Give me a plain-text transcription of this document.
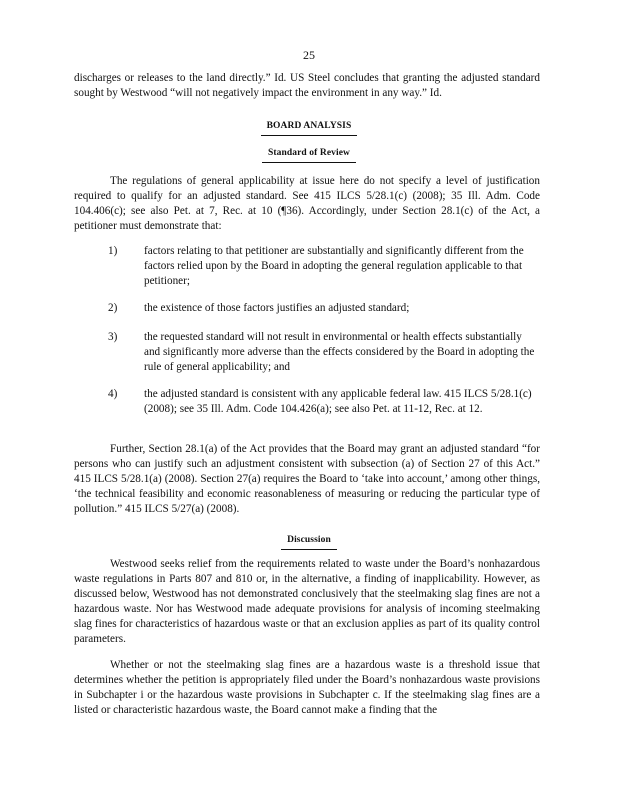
25
discharges or releases to the land directly.” Id. US Steel concludes that granting the adjusted standard sought by Westwood “will not negatively impact the environment in any way.” Id.
BOARD ANALYSIS
Standard of Review
The regulations of general applicability at issue here do not specify a level of justification required to qualify for an adjusted standard. See 415 ILCS 5/28.1(c) (2008); 35 Ill. Adm. Code 104.406(c); see also Pet. at 7, Rec. at 10 (¶36). Accordingly, under Section 28.1(c) of the Act, a petitioner must demonstrate that:
1)	factors relating to that petitioner are substantially and significantly different from the factors relied upon by the Board in adopting the general regulation applicable to that petitioner;
2)	the existence of those factors justifies an adjusted standard;
3)	the requested standard will not result in environmental or health effects substantially and significantly more adverse than the effects considered by the Board in adopting the rule of general applicability; and
4)	the adjusted standard is consistent with any applicable federal law. 415 ILCS 5/28.1(c) (2008); see 35 Ill. Adm. Code 104.426(a); see also Pet. at 11-12, Rec. at 12.
Further, Section 28.1(a) of the Act provides that the Board may grant an adjusted standard “for persons who can justify such an adjustment consistent with subsection (a) of Section 27 of this Act.” 415 ILCS 5/28.1(a) (2008). Section 27(a) requires the Board to ‘take into account,’ among other things, ‘the technical feasibility and economic reasonableness of measuring or reducing the particular type of pollution.” 415 ILCS 5/27(a) (2008).
Discussion
Westwood seeks relief from the requirements related to waste under the Board’s nonhazardous waste regulations in Parts 807 and 810 or, in the alternative, a finding of inapplicability. However, as discussed below, Westwood has not demonstrated conclusively that the steelmaking slag fines are not a hazardous waste. Nor has Westwood made adequate provisions for analysis of incoming steelmaking slag fines for characteristics of hazardous waste or that an exclusion applies as part of its quality control parameters.
Whether or not the steelmaking slag fines are a hazardous waste is a threshold issue that determines whether the petition is appropriately filed under the Board’s nonhazardous waste provisions in Subchapter i or the hazardous waste provisions in Subchapter c. If the steelmaking slag fines are a listed or characteristic hazardous waste, the Board cannot make a finding that the
